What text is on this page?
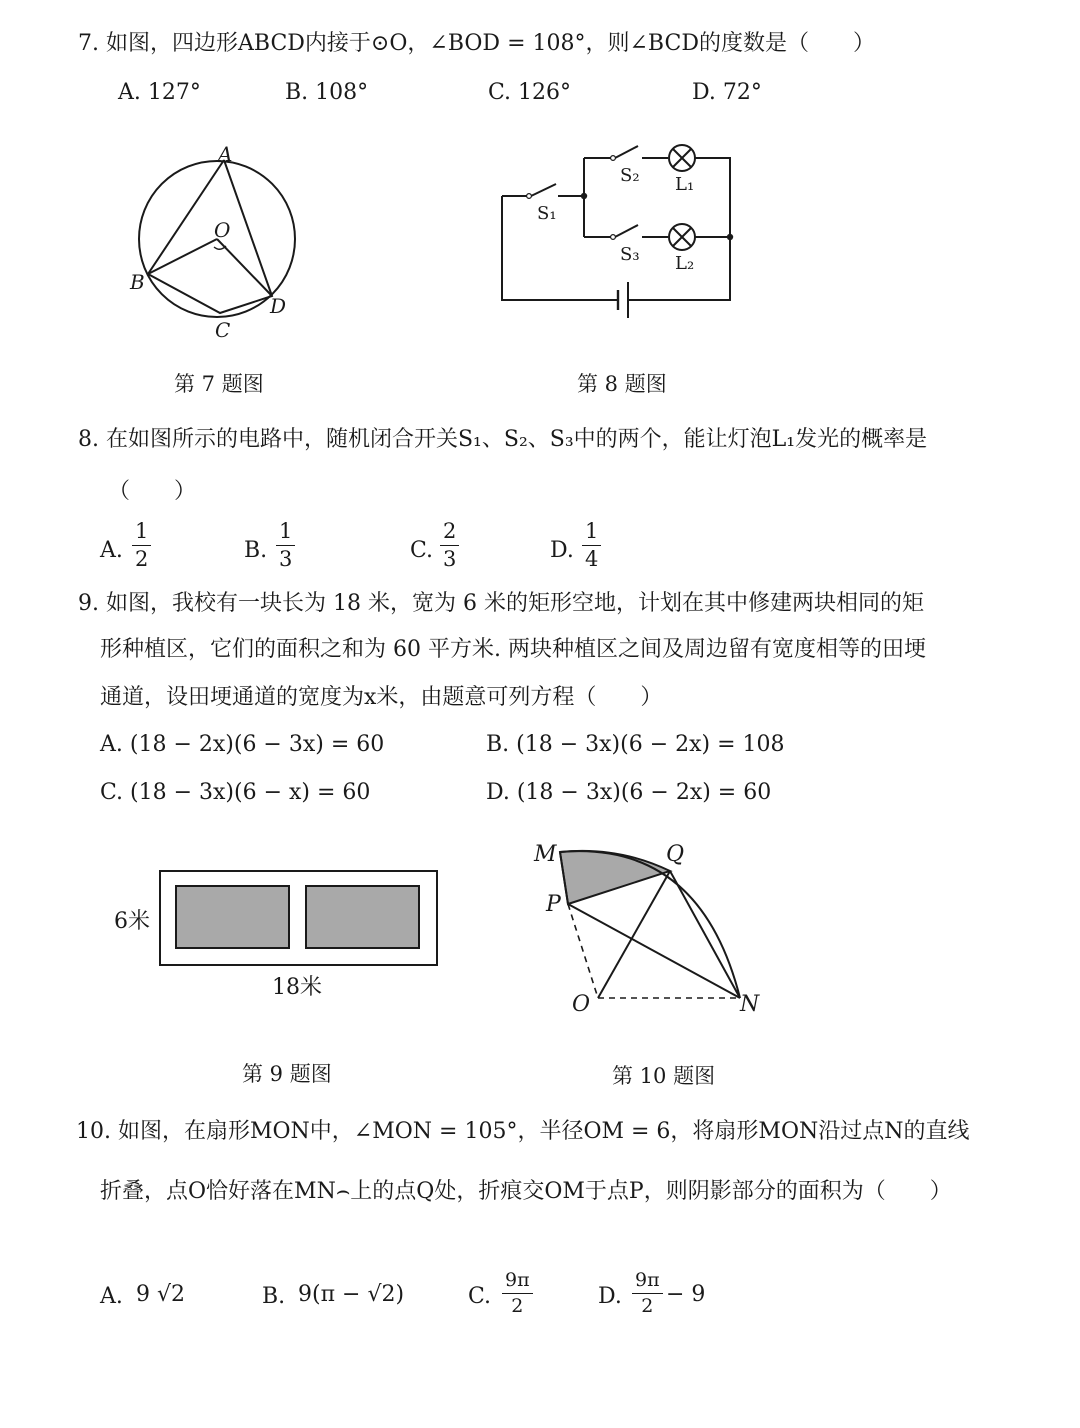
7. 如图，四边形ABCD内接于⊙O，∠BOD = 108°，则∠BCD的度数是（　　）
A. 127°	B. 108°	C. 126°	D. 72°
A
O
B
D
C
第 7 题图
S₂ L₁
S₁
S₃ L₂
第 8 题图
8. 在如图所示的电路中，随机闭合开关S₁、S₂、S₃中的两个，能让灯泡L₁发光的概率是
（　　）
A. $\frac{1}{2}$	B. $\frac{1}{3}$	C. $\frac{2}{3}$	D. $\frac{1}{4}$
9. 如图，我校有一块长为 18 米，宽为 6 米的矩形空地，计划在其中修建两块相同的矩
形种植区，它们的面积之和为 60 平方米. 两块种植区之间及周边留有宽度相等的田埂
通道，设田埂通道的宽度为x米，由题意可列方程（　　）
A. (18 − 2x)(6 − 3x) = 60	B. (18 − 3x)(6 − 2x) = 108
C. (18 − 3x)(6 − x) = 60	D. (18 − 3x)(6 − 2x) = 60
6米
18米
第 9 题图
M	Q
P
O	N
第 10 题图
10. 如图，在扇形MON中，∠MON = 105°，半径OM = 6，将扇形MON沿过点N的直线
折叠，点O恰好落在MN⌢上的点Q处，折痕交OM于点P，则阴影部分的面积为（　　）
A. 9 √2	B. 9(π − √2)	C. $\frac{9\pi}{2}$	D. $\frac{9\pi}{2} - 9$
